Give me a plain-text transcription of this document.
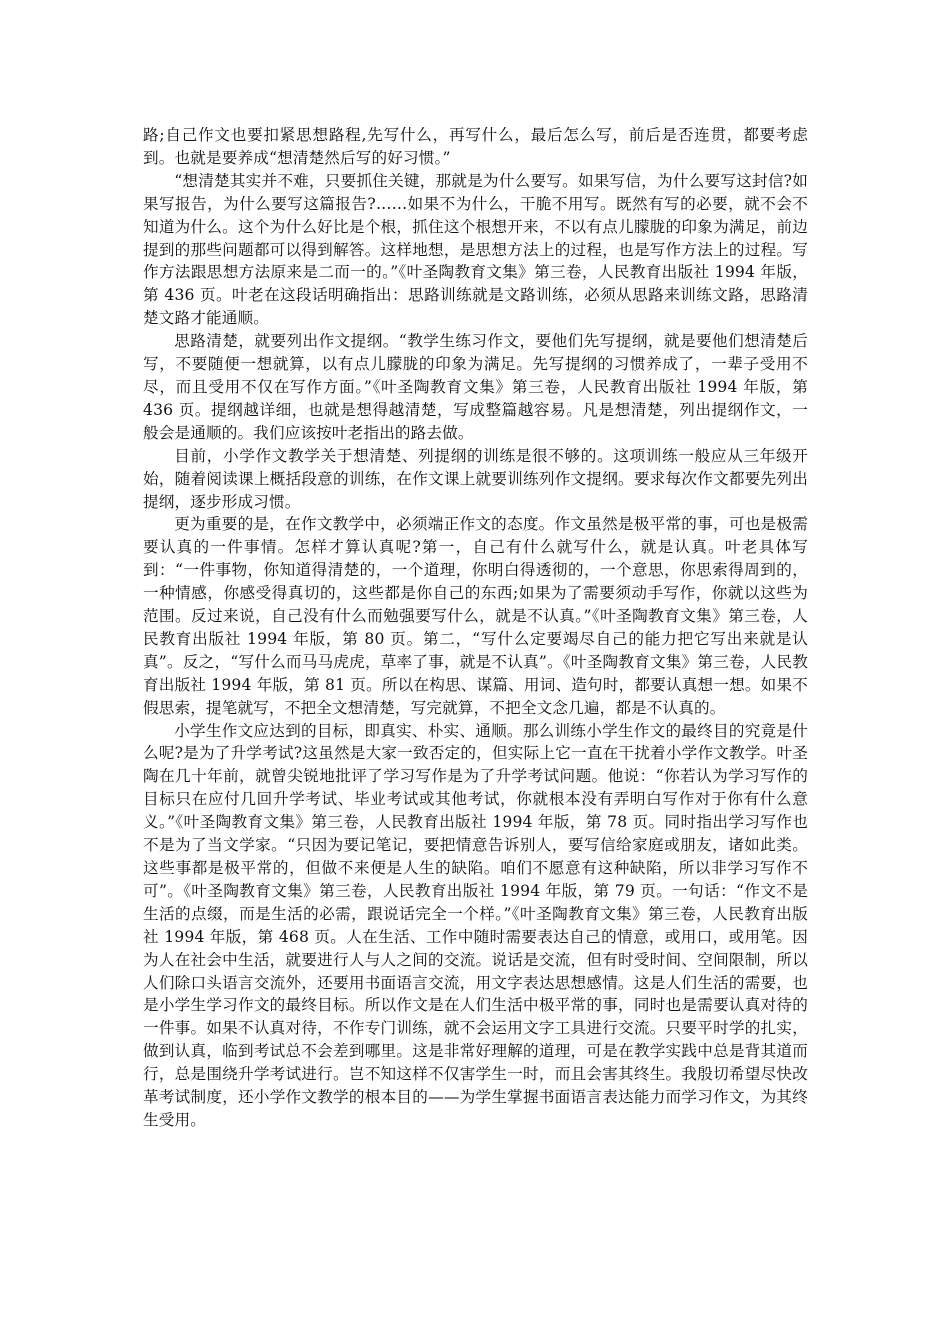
路;自己作文也要扣紧思想路程,先写什么，再写什么，最后怎么写，前后是否连贯，都要考虑到。也就是要养成“想清楚然后写的好习惯。”

“想清楚其实并不难，只要抓住关键，那就是为什么要写。如果写信，为什么要写这封信?如果写报告，为什么要写这篇报告?……如果不为什么，干脆不用写。既然有写的必要，就不会不知道为什么。这个为什么好比是个根，抓住这个根想开来，不以有点儿朦胧的印象为满足，前边提到的那些问题都可以得到解答。这样地想，是思想方法上的过程，也是写作方法上的过程。写作方法跟思想方法原来是二而一的。”《叶圣陶教育文集》第三卷，人民教育出版社 1994 年版，第 436 页。叶老在这段话明确指出：思路训练就是文路训练，必须从思路来训练文路，思路清楚文路才能通顺。

思路清楚，就要列出作文提纲。“教学生练习作文，要他们先写提纲，就是要他们想清楚后写，不要随便一想就算，以有点儿朦胧的印象为满足。先写提纲的习惯养成了，一辈子受用不尽，而且受用不仅在写作方面。”《叶圣陶教育文集》第三卷，人民教育出版社 1994 年版，第 436 页。提纲越详细，也就是想得越清楚，写成整篇越容易。凡是想清楚，列出提纲作文，一般会是通顺的。我们应该按叶老指出的路去做。

目前，小学作文教学关于想清楚、列提纲的训练是很不够的。这项训练一般应从三年级开始，随着阅读课上概括段意的训练，在作文课上就要训练列作文提纲。要求每次作文都要先列出提纲，逐步形成习惯。

更为重要的是，在作文教学中，必须端正作文的态度。作文虽然是极平常的事，可也是极需要认真的一件事情。怎样才算认真呢?第一，自己有什么就写什么，就是认真。叶老具体写到：“一件事物，你知道得清楚的，一个道理，你明白得透彻的，一个意思，你思索得周到的，一种情感，你感受得真切的，这些都是你自己的东西;如果为了需要须动手写作，你就以这些为范围。反过来说，自己没有什么而勉强要写什么，就是不认真。”《叶圣陶教育文集》第三卷，人民教育出版社 1994 年版，第 80 页。第二，“写什么定要竭尽自己的能力把它写出来就是认真”。反之，“写什么而马马虎虎，草率了事，就是不认真”。《叶圣陶教育文集》第三卷，人民教育出版社 1994 年版，第 81 页。所以在构思、谋篇、用词、造句时，都要认真想一想。如果不假思索，提笔就写，不把全文想清楚，写完就算，不把全文念几遍，都是不认真的。

小学生作文应达到的目标，即真实、朴实、通顺。那么训练小学生作文的最终目的究竟是什么呢?是为了升学考试?这虽然是大家一致否定的，但实际上它一直在干扰着小学作文教学。叶圣陶在几十年前，就曾尖锐地批评了学习写作是为了升学考试问题。他说：“你若认为学习写作的目标只在应付几回升学考试、毕业考试或其他考试，你就根本没有弄明白写作对于你有什么意义。”《叶圣陶教育文集》第三卷，人民教育出版社 1994 年版，第 78 页。同时指出学习写作也不是为了当文学家。“只因为要记笔记，要把情意告诉别人，要写信给家庭或朋友，诸如此类。这些事都是极平常的，但做不来便是人生的缺陷。咱们不愿意有这种缺陷，所以非学习写作不可”。《叶圣陶教育文集》第三卷，人民教育出版社 1994 年版，第 79 页。一句话：“作文不是生活的点缀，而是生活的必需，跟说话完全一个样。”《叶圣陶教育文集》第三卷，人民教育出版社 1994 年版，第 468 页。人在生活、工作中随时需要表达自己的情意，或用口，或用笔。因为人在社会中生活，就要进行人与人之间的交流。说话是交流，但有时受时间、空间限制，所以人们除口头语言交流外，还要用书面语言交流，用文字表达思想感情。这是人们生活的需要，也是小学生学习作文的最终目标。所以作文是在人们生活中极平常的事，同时也是需要认真对待的一件事。如果不认真对待，不作专门训练，就不会运用文字工具进行交流。只要平时学的扎实，做到认真，临到考试总不会差到哪里。这是非常好理解的道理，可是在教学实践中总是背其道而行，总是围绕升学考试进行。岂不知这样不仅害学生一时，而且会害其终生。我殷切希望尽快改革考试制度，还小学作文教学的根本目的——为学生掌握书面语言表达能力而学习作文，为其终生受用。
